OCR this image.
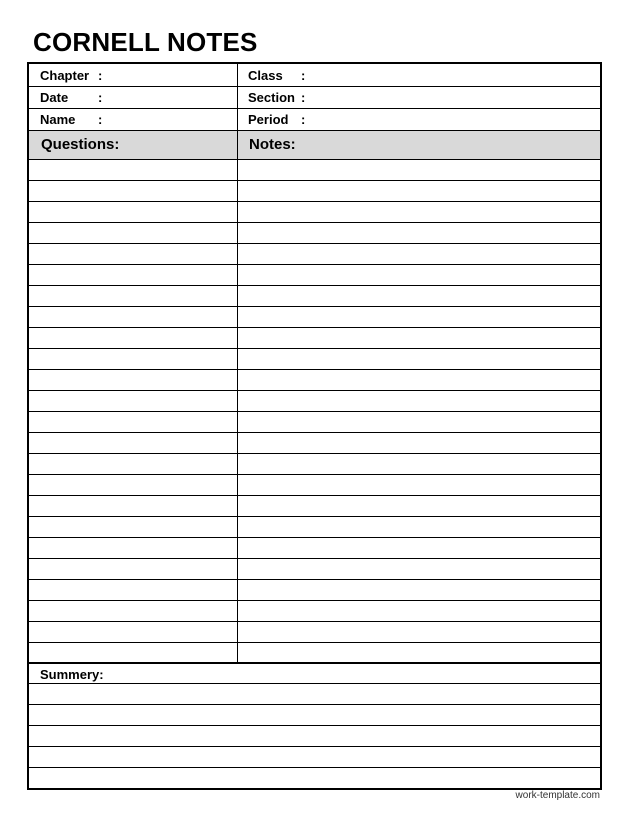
CORNELL NOTES
Chapter :	Class :
Date :	Section :
Name :	Period :
Questions:	Notes:
Summery:
work-template.com
